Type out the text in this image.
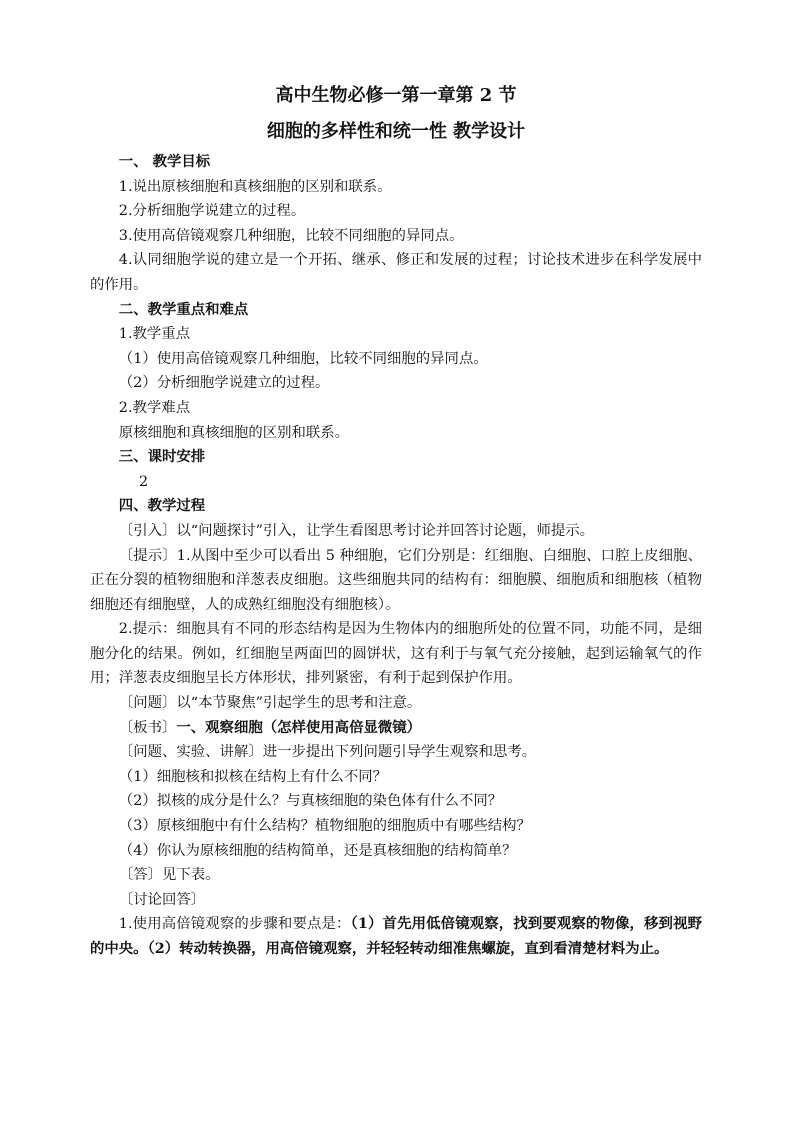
高中生物必修一第一章第 2 节

细胞的多样性和统一性 教学设计

一、 教学目标

1.说出原核细胞和真核细胞的区别和联系。

2.分析细胞学说建立的过程。

3.使用高倍镜观察几种细胞，比较不同细胞的异同点。

4.认同细胞学说的建立是一个开拓、继承、修正和发展的过程；讨论技术进步在科学发展中的作用。

二、教学重点和难点

1.教学重点

（1）使用高倍镜观察几种细胞，比较不同细胞的异同点。

（2）分析细胞学说建立的过程。

2.教学难点

原核细胞和真核细胞的区别和联系。

三、课时安排

2

四、教学过程

〔引入〕以“问题探讨”引入，让学生看图思考讨论并回答讨论题，师提示。

〔提示〕1.从图中至少可以看出 5 种细胞，它们分别是：红细胞、白细胞、口腔上皮细胞、正在分裂的植物细胞和洋葱表皮细胞。这些细胞共同的结构有：细胞膜、细胞质和细胞核（植物细胞还有细胞壁，人的成熟红细胞没有细胞核）。

2.提示：细胞具有不同的形态结构是因为生物体内的细胞所处的位置不同，功能不同，是细胞分化的结果。例如，红细胞呈两面凹的圆饼状，这有利于与氧气充分接触，起到运输氧气的作用；洋葱表皮细胞呈长方体形状，排列紧密，有利于起到保护作用。

〔问题〕以“本节聚焦”引起学生的思考和注意。

〔板书〕一、观察细胞（怎样使用高倍显微镜）

〔问题、实验、讲解〕进一步提出下列问题引导学生观察和思考。

（1）细胞核和拟核在结构上有什么不同？

（2）拟核的成分是什么？与真核细胞的染色体有什么不同？

（3）原核细胞中有什么结构？植物细胞的细胞质中有哪些结构？

（4）你认为原核细胞的结构简单，还是真核细胞的结构简单？

〔答〕见下表。

〔讨论回答〕

1.使用高倍镜观察的步骤和要点是：（1）首先用低倍镜观察，找到要观察的物像，移到视野的中央。（2）转动转换器，用高倍镜观察，并轻轻转动细准焦螺旋，直到看清楚材料为止。
